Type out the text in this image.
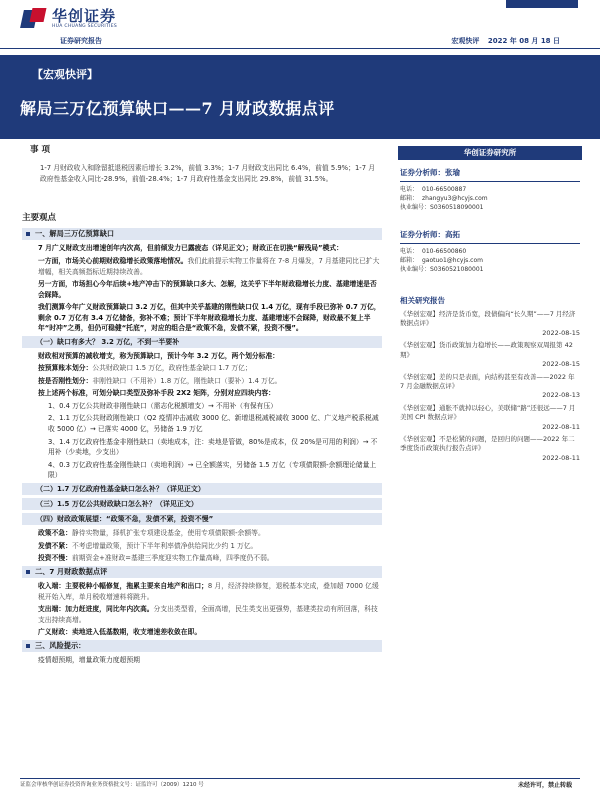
华创证券
HUA CHUANG SECURITIES
证券研究报告	宏观快评 2022 年 08 月 18 日
【宏观快评】
解局三万亿预算缺口——7 月财政数据点评
事 项
1-7 月财政收入和除留抵退税因素后增长 3.2%，前值 3.3%；1-7 月财政支出同比 6.4%，前值 5.9%；1-7 月政府性基金收入同比-28.9%，前值-28.4%；1-7 月政府性基金支出同比 29.8%，前值 31.5%。
主要观点
一、解局三万亿预算缺口
7 月广义财政支出增速创年内次高，但前倾发力已露疲态（详见正文）；财政正在切换“解残局”模式：
一方面，市场关心前期财政稳增长政策落地情况。我们此前提示实物工作量将在 7-8 月爆发，7 月基建同比已扩大增幅，相关高频指标近期持续改善。
另一方面，市场担心今年后续+地产冲击下的预算缺口多大、怎解，这关乎下半年财政稳增长力度、基建增速是否会踩降。
我们测算今年广义财政预算缺口 3.2 万亿，但其中关乎基建的刚性缺口仅 1.4 万亿，现有手段已弥补 0.7 万亿，剩余 0.7 万亿有 3.4 万亿储备，弥补不难；预计下半年财政稳增长力度、基建增速不会踩降，财政最不复上半年“时冲”之勇，但仍可稳健“托底”，对应的组合是“政策不急，发债不紧，投资不慢”。
（一）缺口有多大？ 3.2 万亿，不到一半要补
财政相对预算的减收增支，称为预算缺口，预计今年 3.2 万亿，两个划分标准：
按预算账本划分：公共财政缺口 1.5 万亿，政府性基金缺口 1.7 万亿；
按是否刚性划分：非刚性缺口（不用补）1.8 万亿，刚性缺口（要补）1.4 万亿。
按上述两个标准，可划分缺口类型及弥补手段 2X2 矩阵，分别对应四块内容：
1、0.4 万亿公共财政非刚性缺口（需志化税额增支）→ 不用补（有保有压）
2、1.1 万亿公共财政刚性缺口（Q2 疫情冲击减收 3000 亿、新增退税减税减收 3000 亿、广义地产税系税减收 5000 亿）→ 已落实 4000 亿，另储备 1.9 万亿
3、1.4 万亿政府性基金非刚性缺口（卖地成本，注：卖地是管做，80%是成本，仅 20%是可用的利润）→ 不用补（少卖地，少支出）
4、0.3 万亿政府性基金刚性缺口（卖地利润）→ 已全额落实，另储备 1.5 万亿（专项债限额-余额理论储量上限）
（二）1.7 万亿政府性基金缺口怎么补？（详见正文）
（三）1.5 万亿公共财政缺口怎么补？（详见正文）
（四）财政政策展望：“政策不急，发债不紧，投资不慢”
政策不急：静待实物量，择机扩张专项建设基金，使用专项债限额-余额等。
发债不紧：不考虑增量政策，预计下半年利率债净供给同比少约 1 万亿。
投资不慢：前期资金+准财政=基建三季度迎实物工作量高峰，四季度仍不弱。
二、7 月财政数据点评
收入端：主要税种小幅修复，拖累主要来自地产和出口；8 月，经济持续修复，退税基本完成，叠加超 7000 亿缓税开始入库，单月税收增速料将跳升。
支出端：加力赶进度，同比年内次高。分支出类型看，全面高增，民生类支出更强势，基建类拉动有所回落，科技支出持续高增。
广义财政：卖地进入低基数期，收支增速差收敛在即。
三、风险提示：
疫情超预期，增量政策力度超预期
华创证券研究所
证券分析师：张瑜
电话： 010-66500887
邮箱： zhangyu3@hcyjs.com
执业编号：S0360518090001
证券分析师：高拓
电话： 010-66500860
邮箱： gaotuo1@hcyjs.com
执业编号：S0360521080001
相关研究报告
《华创宏观】经济是货币宽，段债偏向“长久期”——7 月经济数据点评》
2022-08-15
《华创宏观】货币政策加力稳增长——政策观察双周报第 42 期》
2022-08-15
《华创宏观】差的只是表面，向结构甚至有改善——2022 年 7 月金融数据点评》
2022-08-13
《华创宏观】通胀不就掉以轻心，美联储“路”还很远——7 月美国 CPI 数据点评》
2022-08-11
《华创宏观】不是松紧的问题，是回归的问题——2022 年二季度货币政策执行报告点评》
2022-08-11
证监会审核华创证券投资咨询业务资格批文号：证监许可（2009）1210 号	未经许可，禁止转载
